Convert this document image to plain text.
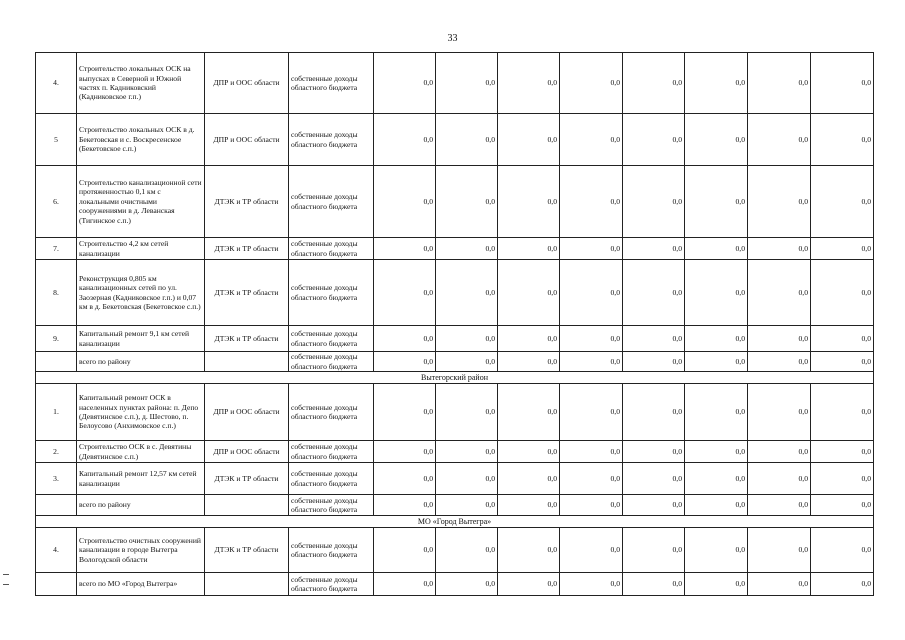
33
4.	Строительство локальных ОСК на выпусках в Северной и Южной частях п. Кадниковский (Кадниковское г.п.)	ДПР и ООС области	собственные доходы областного бюджета	0,0	0,0	0,0	0,0	0,0	0,0	0,0	0,0
5	Строительство локальных ОСК в д. Бекетовская и с. Воскресенское (Бекетовское с.п.)	ДПР и ООС области	собственные доходы областного бюджета	0,0	0,0	0,0	0,0	0,0	0,0	0,0	0,0
6.	Строительство канализационной сети протяженностью 0,1 км с локальными очистными сооружениями в д. Леванская (Тигинское с.п.)	ДТЭК и ТР области	собственные доходы областного бюджета	0,0	0,0	0,0	0,0	0,0	0,0	0,0	0,0
7.	Строительство 4,2 км сетей канализации	ДТЭК и ТР области	собственные доходы областного бюджета	0,0	0,0	0,0	0,0	0,0	0,0	0,0	0,0
8.	Реконструкция 0,805 км канализационных сетей по ул. Заозерная (Кадниковское г.п.) и 0,07 км в д. Бекетовская (Бекетовское с.п.)	ДТЭК и ТР области	собственные доходы областного бюджета	0,0	0,0	0,0	0,0	0,0	0,0	0,0	0,0
9.	Капитальный ремонт 9,1 км сетей канализации	ДТЭК и ТР области	собственные доходы областного бюджета	0,0	0,0	0,0	0,0	0,0	0,0	0,0	0,0
	всего по району		собственные доходы областного бюджета	0,0	0,0	0,0	0,0	0,0	0,0	0,0	0,0
Вытегорский район											
1.	Капитальный ремонт ОСК в населенных пунктах района: п. Депо (Девятинское с.п.), д. Шестово, п. Белоусово (Анхимовское с.п.)	ДПР и ООС области	собственные доходы областного бюджета	0,0	0,0	0,0	0,0	0,0	0,0	0,0	0,0
2.	Строительство ОСК в с. Девятины (Девятинское с.п.)	ДПР и ООС области	собственные доходы областного бюджета	0,0	0,0	0,0	0,0	0,0	0,0	0,0	0,0
3.	Капитальный ремонт 12,57 км сетей канализации	ДТЭК и ТР области	собственные доходы областного бюджета	0,0	0,0	0,0	0,0	0,0	0,0	0,0	0,0
	всего по району		собственные доходы областного бюджета	0,0	0,0	0,0	0,0	0,0	0,0	0,0	0,0
МО «Город Вытегра»											
4.	Строительство очистных сооружений канализации в городе Вытегра Вологодской области	ДТЭК и ТР области	собственные доходы областного бюджета	0,0	0,0	0,0	0,0	0,0	0,0	0,0	0,0
	всего по МО «Город Вытегра»		собственные доходы областного бюджета	0,0	0,0	0,0	0,0	0,0	0,0	0,0	0,0
